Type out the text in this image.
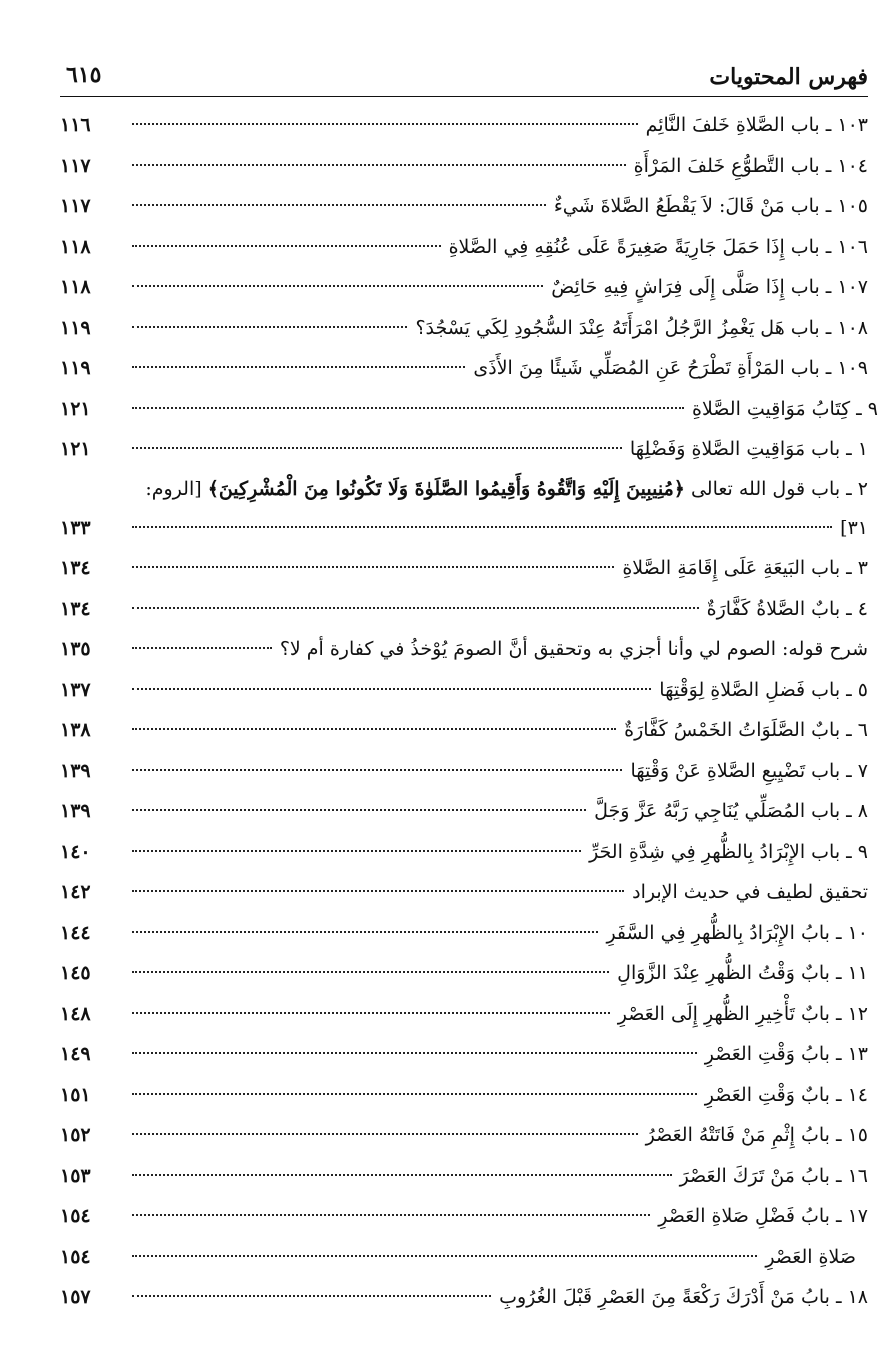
فهرس المحتويات
٦١٥
١٠٣ ـ باب الصَّلاةِ خَلفَ النَّائِم
١١٦
١٠٤ ـ باب التَّطوُّعِ خَلفَ المَرْأَةِ
١١٧
١٠٥ ـ باب مَنْ قَالَ: لاَ يَقْطَعُ الصَّلاةَ شَيءٌ
١١٧
١٠٦ ـ باب إِذَا حَمَلَ جَارِيَةً صَغِيرَةً عَلَى عُنُقِهِ فِي الصَّلاةِ
١١٨
١٠٧ ـ باب إِذَا صَلَّى إِلَى فِرَاشٍ فِيهِ حَائِضٌ
١١٨
١٠٨ ـ باب هَل يَغْمِزُ الرَّجُلُ امْرَأَتَهُ عِنْدَ السُّجُودِ لِكَي يَسْجُدَ؟
١١٩
١٠٩ ـ باب المَرْأَةِ تَطْرَحُ عَنِ المُصَلِّي شَيئًا مِنَ الأَذَى
١١٩
٩ ـ كِتَابُ مَوَاقِيتِ الصَّلاةِ
١٢١
١ ـ باب مَوَاقِيتِ الصَّلاةِ وَفَضْلِهَا
١٢١
٢ ـ باب قول الله تعالى ﴿مُنِيبِينَ إِلَيْهِ وَاتَّقُوهُ وَأَقِيمُوا الصَّلَوٰةَ وَلَا تَكُونُوا مِنَ الْمُشْرِكِينَ﴾ [الروم:
٣١]
١٣٣
٣ ـ باب البَيعَةِ عَلَى إِقَامَةِ الصَّلاةِ
١٣٤
٤ ـ بابٌ الصَّلاةُ كَفَّارَةٌ
١٣٤
شرح قوله: الصوم لي وأنا أجزي به وتحقيق أنَّ الصومَ يُوْخذُ في كفارة أم لا؟
١٣٥
٥ ـ باب فَضلِ الصَّلاةِ لِوَقْتِهَا
١٣٧
٦ ـ بابٌ الصَّلَوَاتُ الخَمْسُ كَفَّارَةٌ
١٣٨
٧ ـ باب تَضْيِيعِ الصَّلاةِ عَنْ وَقْتِهَا
١٣٩
٨ ـ باب المُصَلِّي يُنَاجِي رَبَّهُ عَزَّ وَجَلَّ
١٣٩
٩ ـ باب الإِبْرَادُ بِالظُّهرِ فِي شِدَّةِ الحَرِّ
١٤٠
تحقيق لطيف في حديث الإبراد
١٤٢
١٠ ـ بابُ الإِبْرَادُ بِالظُّهرِ فِي السَّفَرِ
١٤٤
١١ ـ بابٌ وَقْتُ الظُّهرِ عِنْدَ الزَّوَالِ
١٤٥
١٢ ـ بابٌ تَأْخِيرِ الظُّهرِ إِلَى العَصْرِ
١٤٨
١٣ ـ بابُ وَقْتِ العَصْرِ
١٤٩
١٤ ـ بابٌ وَقْتِ العَصْرِ
١٥١
١٥ ـ بابُ إِثْمِ مَنْ فَاتَتْهُ العَصْرُ
١٥٢
١٦ ـ بابُ مَنْ تَرَكَ العَصْرَ
١٥٣
١٧ ـ بابُ فَضْلِ صَلاةِ العَصْرِ
١٥٤
صَلاةِ العَصْرِ
١٥٤
١٨ ـ بابُ مَنْ أَدْرَكَ رَكْعَةً مِنَ العَصْرِ قَبْلَ الغُرُوبِ
١٥٧
